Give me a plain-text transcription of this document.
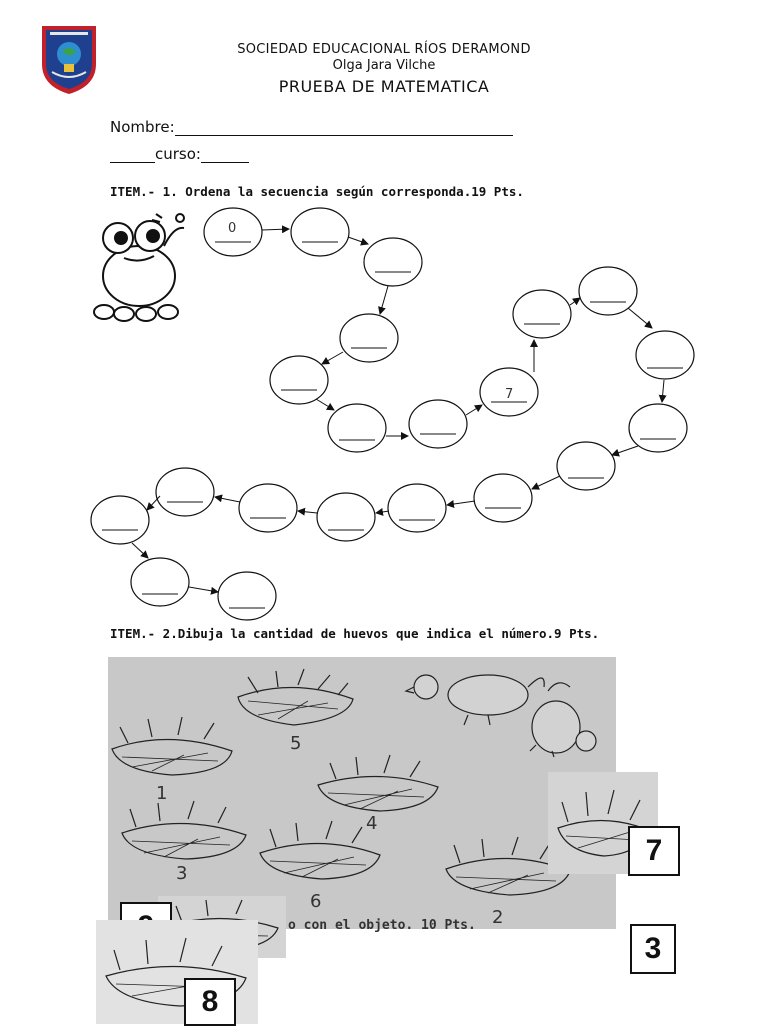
SOCIEDAD EDUCACIONAL RÍOS DERAMOND
Olga Jara Vilche
PRUEBA DE MATEMATICA
Nombre:
curso:
ITEM.- 1. Ordena la secuencia según corresponda.19 Pts.
0
7
ITEM.- 2.Dibuja la cantidad de huevos que indica el número.9 Pts.
5
1
4
3
6
2
7
o con el objeto. 10 Pts.
3
8
